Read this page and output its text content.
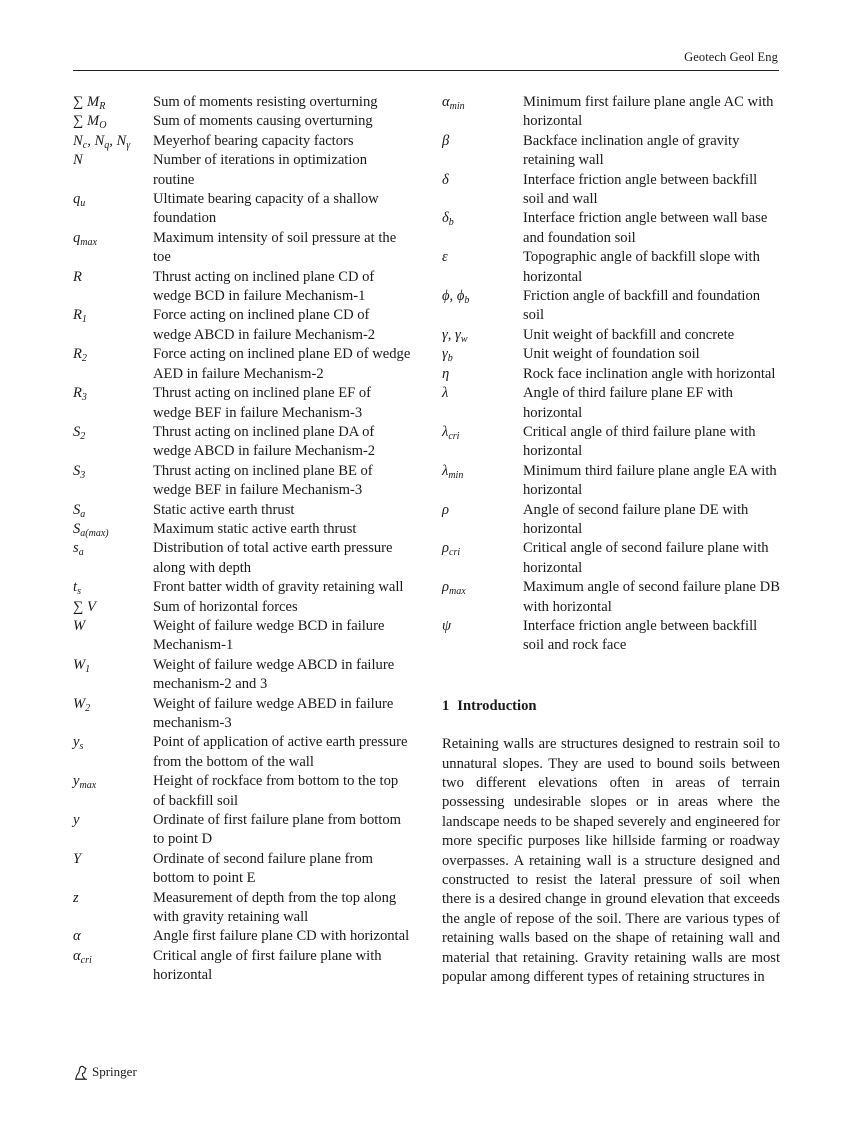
Geotech Geol Eng
∑ $M_R$	Sum of moments resisting overturning
∑ $M_O$	Sum of moments causing overturning
$N_c$, $N_q$, $N_\gamma$	Meyerhof bearing capacity factors
N	Number of iterations in optimization routine
$q_u$	Ultimate bearing capacity of a shallow foundation
$q_{max}$	Maximum intensity of soil pressure at the toe
R	Thrust acting on inclined plane CD of wedge BCD in failure Mechanism-1
$R_1$	Force acting on inclined plane CD of wedge ABCD in failure Mechanism-2
$R_2$	Force acting on inclined plane ED of wedge AED in failure Mechanism-2
$R_3$	Thrust acting on inclined plane EF of wedge BEF in failure Mechanism-3
$S_2$	Thrust acting on inclined plane DA of wedge ABCD in failure Mechanism-2
$S_3$	Thrust acting on inclined plane BE of wedge BEF in failure Mechanism-3
$S_a$	Static active earth thrust
$S_{a(max)}$	Maximum static active earth thrust
$s_a$	Distribution of total active earth pressure along with depth
$t_s$	Front batter width of gravity retaining wall
∑ V	Sum of horizontal forces
W	Weight of failure wedge BCD in failure Mechanism-1
$W_1$	Weight of failure wedge ABCD in failure mechanism-2 and 3
$W_2$	Weight of failure wedge ABED in failure mechanism-3
$y_s$	Point of application of active earth pressure from the bottom of the wall
$y_{max}$	Height of rockface from bottom to the top of backfill soil
y	Ordinate of first failure plane from bottom to point D
Y	Ordinate of second failure plane from bottom to point E
z	Measurement of depth from the top along with gravity retaining wall
α	Angle first failure plane CD with horizontal
$\alpha_{cri}$	Critical angle of first failure plane with horizontal
$\alpha_{min}$	Minimum first failure plane angle AC with horizontal
β	Backface inclination angle of gravity retaining wall
δ	Interface friction angle between backfill soil and wall
$\delta_b$	Interface friction angle between wall base and foundation soil
ε	Topographic angle of backfill slope with horizontal
ϕ, $\phi_b$	Friction angle of backfill and foundation soil
γ, $\gamma_w$	Unit weight of backfill and concrete
$\gamma_b$	Unit weight of foundation soil
η	Rock face inclination angle with horizontal
λ	Angle of third failure plane EF with horizontal
$\lambda_{cri}$	Critical angle of third failure plane with horizontal
$\lambda_{min}$	Minimum third failure plane angle EA with horizontal
ρ	Angle of second failure plane DE with horizontal
$\rho_{cri}$	Critical angle of second failure plane with horizontal
$\rho_{max}$	Maximum angle of second failure plane DB with horizontal
ψ	Interface friction angle between backfill soil and rock face
1 Introduction
Retaining walls are structures designed to restrain soil to unnatural slopes. They are used to bound soils between two different elevations often in areas of terrain possessing undesirable slopes or in areas where the landscape needs to be shaped severely and engineered for more specific purposes like hillside farming or roadway overpasses. A retaining wall is a structure designed and constructed to resist the lateral pressure of soil when there is a desired change in ground elevation that exceeds the angle of repose of the soil. There are various types of retaining walls based on the shape of retaining wall and material that retaining. Gravity retaining walls are most popular among different types of retaining structures in
Springer
